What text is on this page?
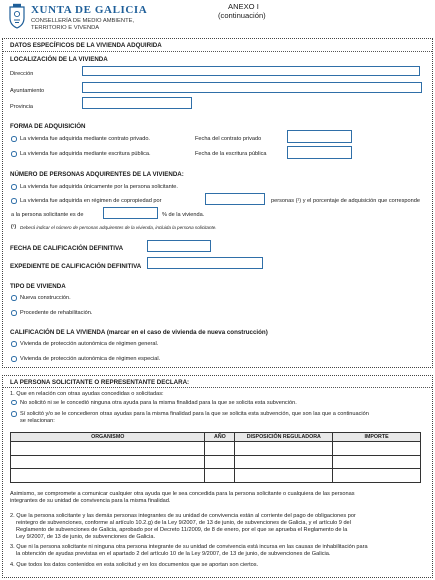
XUNTA DE GALICIA
CONSELLERÍA DE MEDIO AMBIENTE,
TERRITORIO E VIVENDA
ANEXO I
(continuación)
DATOS ESPECÍFICOS DE LA VIVIENDA ADQUIRIDA
LOCALIZACIÓN DE LA VIVIENDA
Dirección
Ayuntamiento
Provincia
FORMA DE ADQUISICIÓN
La vivienda fue adquirida mediante contrato privado.	Fecha del contrato privado
La vivienda fue adquirida mediante escritura pública.	Fecha de la escritura pública
NÚMERO DE PERSONAS ADQUIRENTES DE LA VIVIENDA:
La vivienda fue adquirida únicamente por la persona solicitante.
La vivienda fue adquirida en régimen de copropiedad por	personas (¹) y el porcentaje de adquisición que corresponde
a la persona solicitante es de	% de la vivienda.
(¹) Deberá indicar el número de personas adquirentes de la vivienda, incluida la persona solicitante.
FECHA DE CALIFICACIÓN DEFINITIVA
EXPEDIENTE DE CALIFICACIÓN DEFINITIVA
TIPO DE VIVIENDA
Nueva construcción.
Procedente de rehabilitación.
CALIFICACIÓN DE LA VIVIENDA (marcar en el caso de vivienda de nueva construcción)
Vivienda de protección autonómica de régimen general.
Vivienda de protección autonómica de régimen especial.
LA PERSONA SOLICITANTE O REPRESENTANTE DECLARA:
1. Que en relación con otras ayudas concedidas o solicitadas:
No solicitó ni se le concedió ninguna otra ayuda para la misma finalidad para la que se solicita esta subvención.
Sí solicitó y/o se le concedieron otras ayudas para la misma finalidad para la que se solicita esta subvención, que son las que a continuación
se relacionan:
ORGANISMO	AÑO	DISPOSICIÓN REGULADORA	IMPORTE

Asimismo, se compromete a comunicar cualquier otra ayuda que le sea concedida para la persona solicitante o cualquiera de las personas
integrantes de su unidad de convivencia para la misma finalidad.
2. Que la persona solicitante y las demás personas integrantes de su unidad de convivencia están al corriente del pago de obligaciones por
reintegro de subvenciones, conforme al artículo 10.2.g) de la Ley 9/2007, de 13 de junio, de subvenciones de Galicia, y el artículo 9 del
Reglamento de subvenciones de Galicia, aprobado por el Decreto 11/2009, de 8 de enero, por el que se aprueba el Reglamento de la
Ley 9/2007, de 13 de junio, de subvenciones de Galicia.
3. Que ni la persona solicitante ni ninguna otra persona integrante de su unidad de convivencia está incursa en las causas de inhabilitación para
la obtención de ayudas previstas en el apartado 2 del artículo 10 de la Ley 9/2007, de 13 de junio, de subvenciones de Galicia.
4. Que todos los datos contenidos en esta solicitud y en los documentos que se aportan son ciertos.
